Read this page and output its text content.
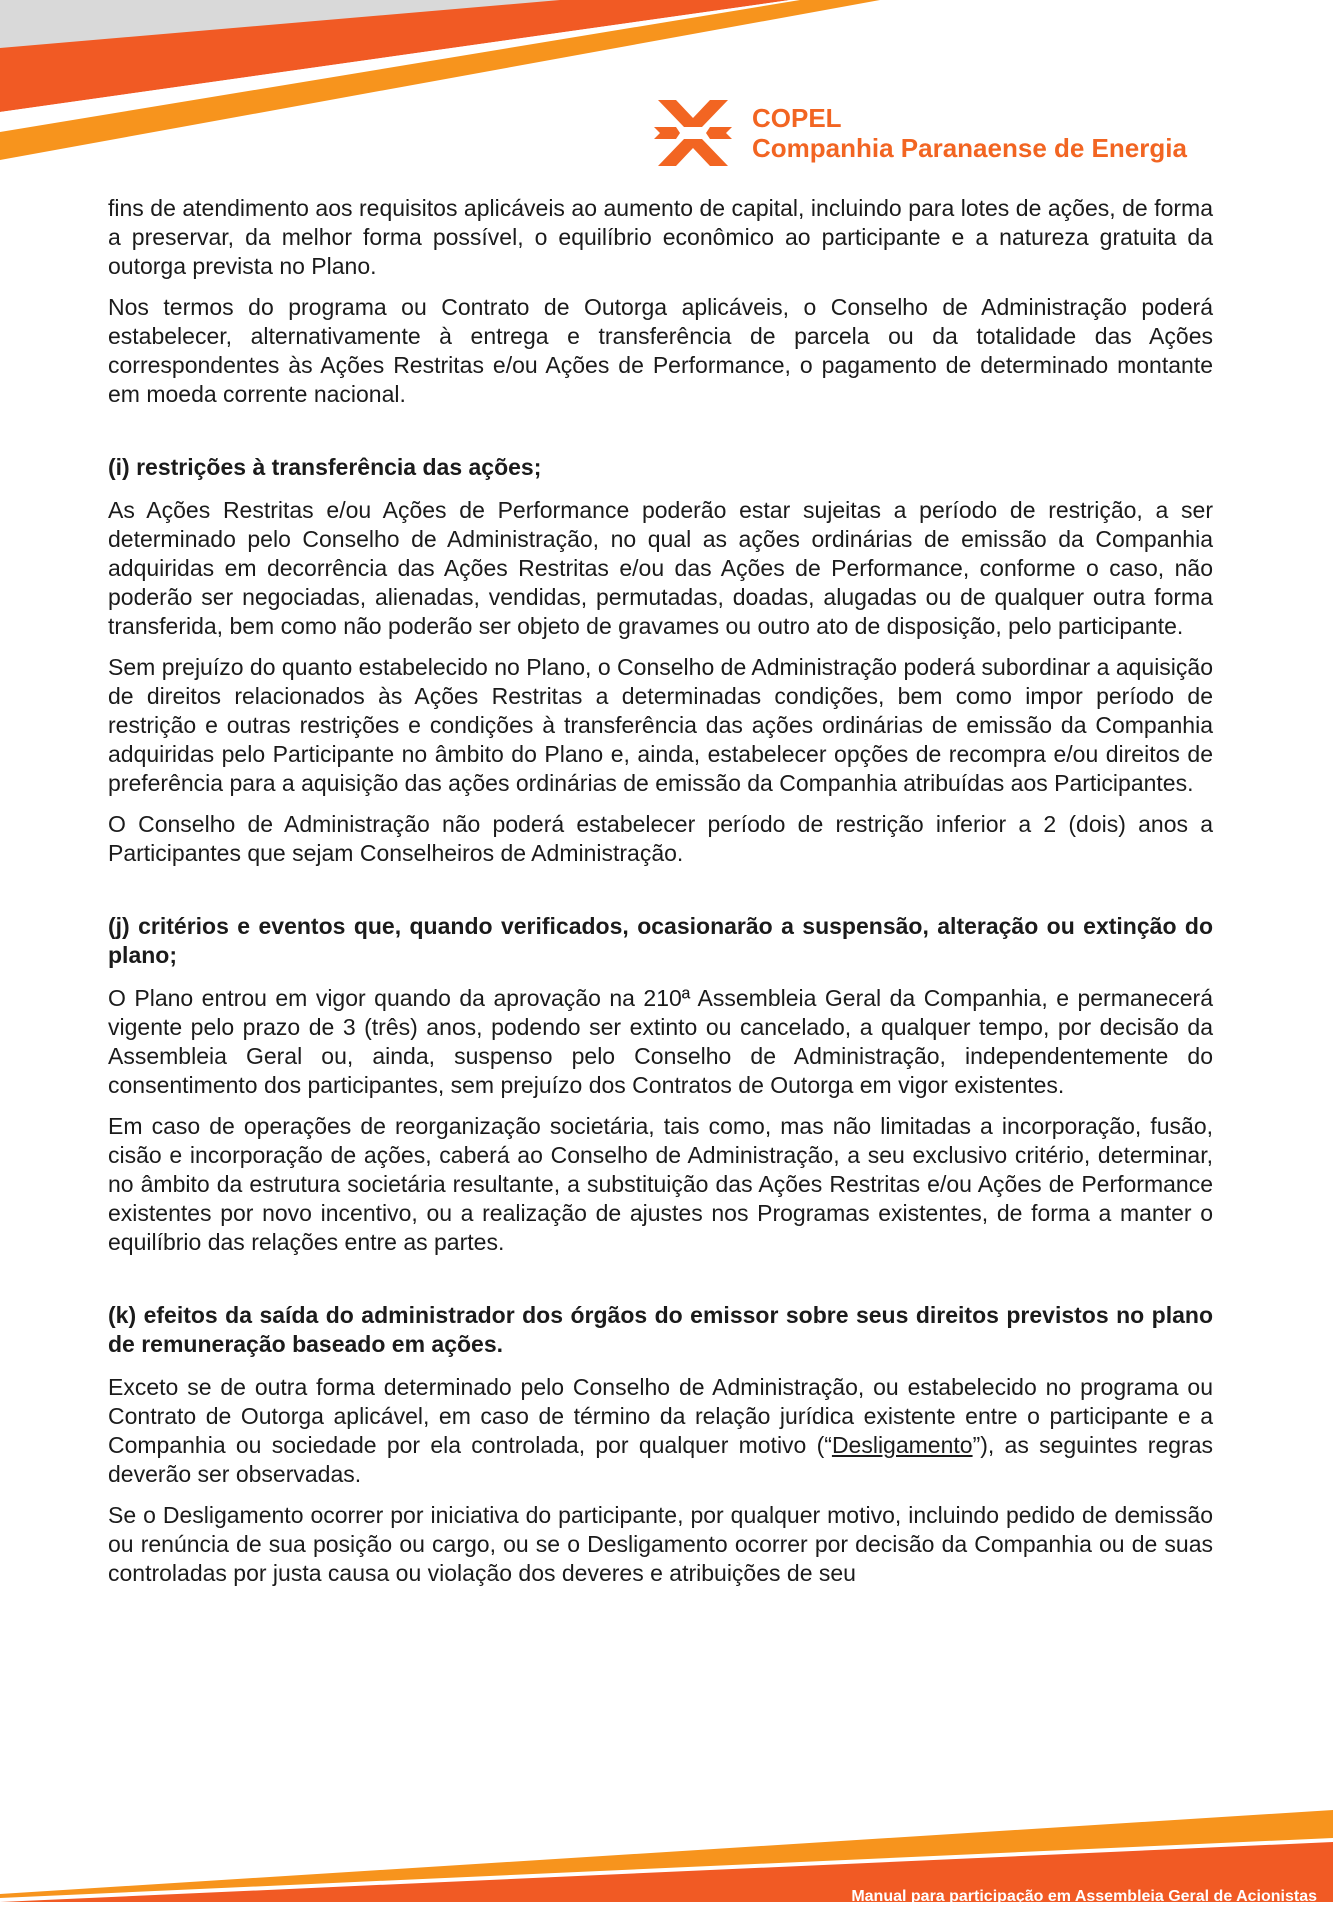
COPEL
Companhia Paranaense de Energia

fins de atendimento aos requisitos aplicáveis ao aumento de capital, incluindo para lotes de ações, de forma a preservar, da melhor forma possível, o equilíbrio econômico ao participante e a natureza gratuita da outorga prevista no Plano.

Nos termos do programa ou Contrato de Outorga aplicáveis, o Conselho de Administração poderá estabelecer, alternativamente à entrega e transferência de parcela ou da totalidade das Ações correspondentes às Ações Restritas e/ou Ações de Performance, o pagamento de determinado montante em moeda corrente nacional.

(i) restrições à transferência das ações;

As Ações Restritas e/ou Ações de Performance poderão estar sujeitas a período de restrição, a ser determinado pelo Conselho de Administração, no qual as ações ordinárias de emissão da Companhia adquiridas em decorrência das Ações Restritas e/ou das Ações de Performance, conforme o caso, não poderão ser negociadas, alienadas, vendidas, permutadas, doadas, alugadas ou de qualquer outra forma transferida, bem como não poderão ser objeto de gravames ou outro ato de disposição, pelo participante.

Sem prejuízo do quanto estabelecido no Plano, o Conselho de Administração poderá subordinar a aquisição de direitos relacionados às Ações Restritas a determinadas condições, bem como impor período de restrição e outras restrições e condições à transferência das ações ordinárias de emissão da Companhia adquiridas pelo Participante no âmbito do Plano e, ainda, estabelecer opções de recompra e/ou direitos de preferência para a aquisição das ações ordinárias de emissão da Companhia atribuídas aos Participantes.

O Conselho de Administração não poderá estabelecer período de restrição inferior a 2 (dois) anos a Participantes que sejam Conselheiros de Administração.

(j) critérios e eventos que, quando verificados, ocasionarão a suspensão, alteração ou extinção do plano;

O Plano entrou em vigor quando da aprovação na 210ª Assembleia Geral da Companhia, e permanecerá vigente pelo prazo de 3 (três) anos, podendo ser extinto ou cancelado, a qualquer tempo, por decisão da Assembleia Geral ou, ainda, suspenso pelo Conselho de Administração, independentemente do consentimento dos participantes, sem prejuízo dos Contratos de Outorga em vigor existentes.

Em caso de operações de reorganização societária, tais como, mas não limitadas a incorporação, fusão, cisão e incorporação de ações, caberá ao Conselho de Administração, a seu exclusivo critério, determinar, no âmbito da estrutura societária resultante, a substituição das Ações Restritas e/ou Ações de Performance existentes por novo incentivo, ou a realização de ajustes nos Programas existentes, de forma a manter o equilíbrio das relações entre as partes.

(k) efeitos da saída do administrador dos órgãos do emissor sobre seus direitos previstos no plano de remuneração baseado em ações.

Exceto se de outra forma determinado pelo Conselho de Administração, ou estabelecido no programa ou Contrato de Outorga aplicável, em caso de término da relação jurídica existente entre o participante e a Companhia ou sociedade por ela controlada, por qualquer motivo (“Desligamento”), as seguintes regras deverão ser observadas.

Se o Desligamento ocorrer por iniciativa do participante, por qualquer motivo, incluindo pedido de demissão ou renúncia de sua posição ou cargo, ou se o Desligamento ocorrer por decisão da Companhia ou de suas controladas por justa causa ou violação dos deveres e atribuições de seu

Manual para participação em Assembleia Geral de Acionistas
